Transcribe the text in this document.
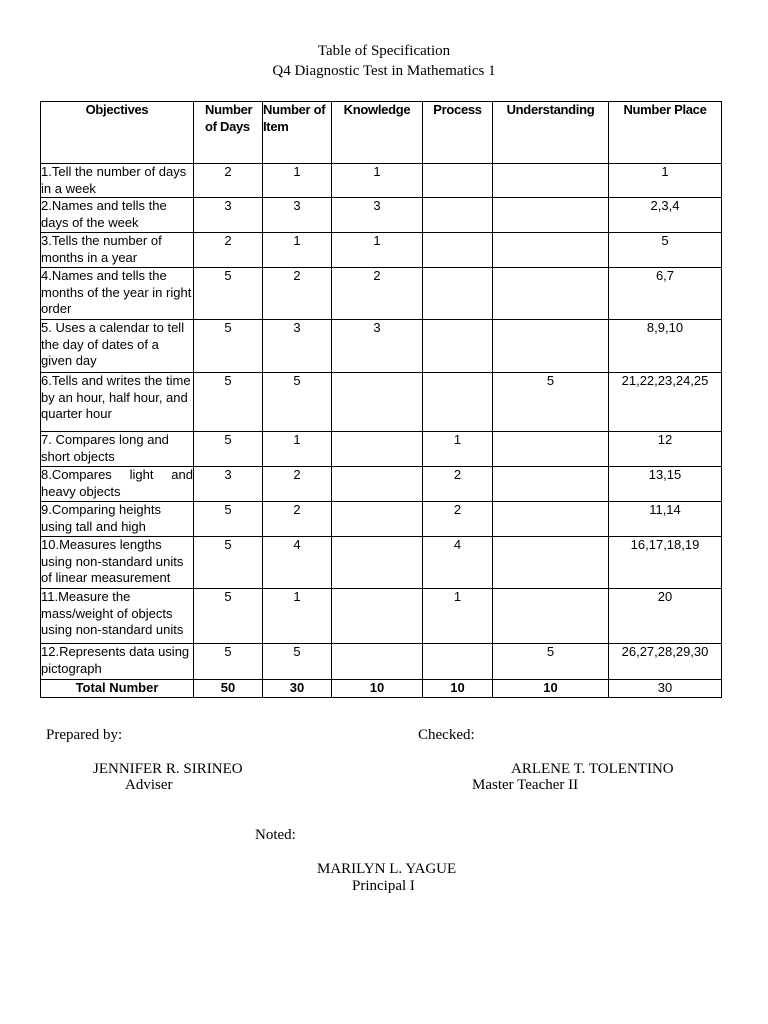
Table of Specification
Q4 Diagnostic Test in Mathematics 1
Objectives	Number of Days	Number of Item	Knowledge	Process	Understanding	Number Place
1.Tell the number of days in a week	2	1	1			1
2.Names and tells the days of the week	3	3	3			2,3,4
3.Tells the number of months in a year	2	1	1			5
4.Names and tells the months of the year in right order	5	2	2			6,7
5. Uses a calendar to tell the day of dates of a given day	5	3	3			8,9,10
6.Tells and writes the time by an hour, half hour, and quarter hour	5	5			5	21,22,23,24,25
7. Compares long and short objects	5	1		1		12
8.Compares light and heavy objects	3	2		2		13,15
9.Comparing heights using tall and high	5	2		2		11,14
10.Measures lengths using non-standard units of linear measurement	5	4		4		16,17,18,19
11.Measure the mass/weight of objects using non-standard units	5	1		1		20
12.Represents data using pictograph	5	5			5	26,27,28,29,30
Total Number	50	30	10	10	10	30
Prepared by:	Checked:
JENNIFER R. SIRINEO
Adviser
ARLENE T. TOLENTINO
Master Teacher II
Noted:
MARILYN L. YAGUE
Principal I
